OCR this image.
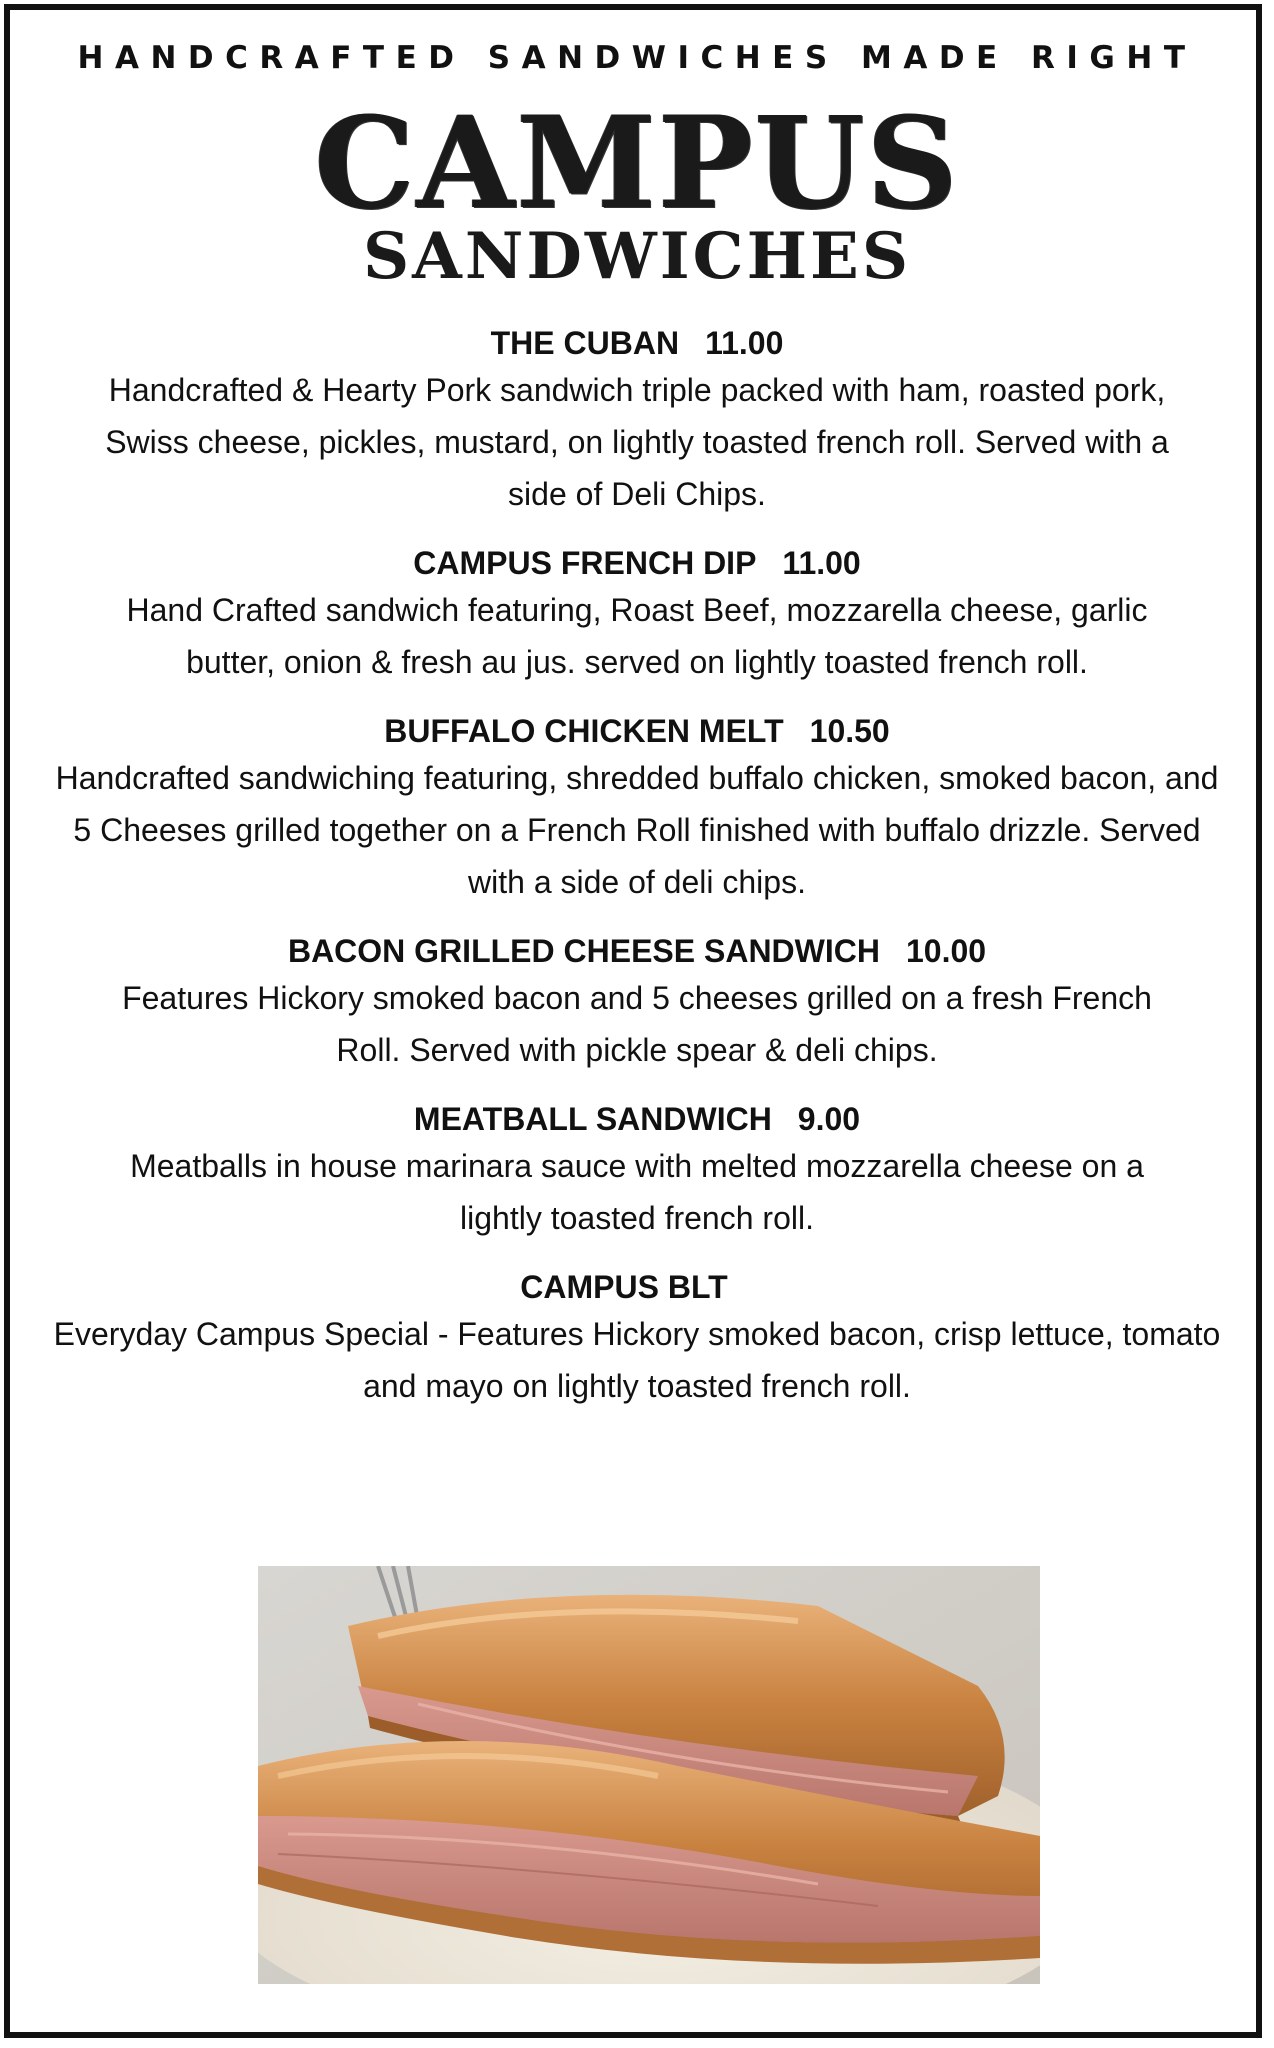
HANDCRAFTED SANDWICHES MADE RIGHT
CAMPUS
SANDWICHES
THE CUBAN 11.00
Handcrafted & Hearty Pork sandwich triple packed with ham, roasted pork, Swiss cheese, pickles, mustard, on lightly toasted french roll. Served with a side of Deli Chips.
CAMPUS FRENCH DIP 11.00
Hand Crafted sandwich featuring, Roast Beef, mozzarella cheese, garlic butter, onion & fresh au jus. served on lightly toasted french roll.
BUFFALO CHICKEN MELT 10.50
Handcrafted sandwiching featuring, shredded buffalo chicken, smoked bacon, and 5 Cheeses grilled together on a French Roll finished with buffalo drizzle. Served with a side of deli chips.
BACON GRILLED CHEESE SANDWICH 10.00
Features Hickory smoked bacon and 5 cheeses grilled on a fresh French Roll. Served with pickle spear & deli chips.
MEATBALL SANDWICH 9.00
Meatballs in house marinara sauce with melted mozzarella cheese on a lightly toasted french roll.
CAMPUS BLT
Everyday Campus Special - Features Hickory smoked bacon, crisp lettuce, tomato and mayo on lightly toasted french roll.
